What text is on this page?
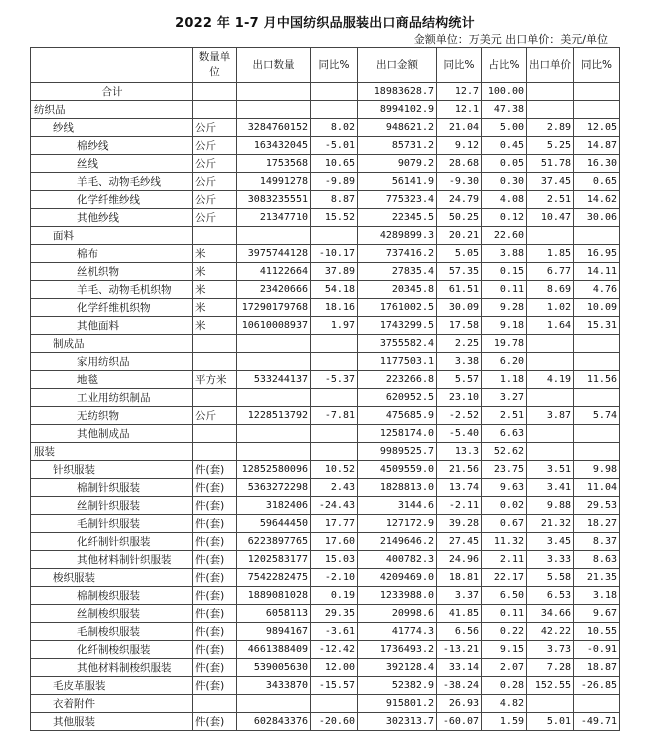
2022 年 1-7 月中国纺织品服装出口商品结构统计
金额单位：万美元 出口单价：美元/单位
	数量单位	出口数量	同比%	出口金额	同比%	占比%	出口单价	同比%
合计				18983628.7	12.7	100.00		
纺织品				8994102.9	12.1	47.38		
纱线	公斤	3284760152	8.02	948621.2	21.04	5.00	2.89	12.05
棉纱线	公斤	163432045	-5.01	85731.2	9.12	0.45	5.25	14.87
丝线	公斤	1753568	10.65	9079.2	28.68	0.05	51.78	16.30
羊毛、动物毛纱线	公斤	14991278	-9.89	56141.9	-9.30	0.30	37.45	0.65
化学纤维纱线	公斤	3083235551	8.87	775323.4	24.79	4.08	2.51	14.62
其他纱线	公斤	21347710	15.52	22345.5	50.25	0.12	10.47	30.06
面料				4289899.3	20.21	22.60		
棉布	米	3975744128	-10.17	737416.2	5.05	3.88	1.85	16.95
丝机织物	米	41122664	37.89	27835.4	57.35	0.15	6.77	14.11
羊毛、动物毛机织物	米	23420666	54.18	20345.8	61.51	0.11	8.69	4.76
化学纤维机织物	米	17290179768	18.16	1761002.5	30.09	9.28	1.02	10.09
其他面料	米	10610008937	1.97	1743299.5	17.58	9.18	1.64	15.31
制成品				3755582.4	2.25	19.78		
家用纺织品				1177503.1	3.38	6.20		
地毯	平方米	533244137	-5.37	223266.8	5.57	1.18	4.19	11.56
工业用纺织制品				620952.5	23.10	3.27		
无纺织物	公斤	1228513792	-7.81	475685.9	-2.52	2.51	3.87	5.74
其他制成品				1258174.0	-5.40	6.63		
服装				9989525.7	13.3	52.62		
针织服装	件(套)	12852580096	10.52	4509559.0	21.56	23.75	3.51	9.98
棉制针织服装	件(套)	5363272298	2.43	1828813.0	13.74	9.63	3.41	11.04
丝制针织服装	件(套)	3182406	-24.43	3144.6	-2.11	0.02	9.88	29.53
毛制针织服装	件(套)	59644450	17.77	127172.9	39.28	0.67	21.32	18.27
化纤制针织服装	件(套)	6223897765	17.60	2149646.2	27.45	11.32	3.45	8.37
其他材料制针织服装	件(套)	1202583177	15.03	400782.3	24.96	2.11	3.33	8.63
梭织服装	件(套)	7542282475	-2.10	4209469.0	18.81	22.17	5.58	21.35
棉制梭织服装	件(套)	1889081028	0.19	1233988.0	3.37	6.50	6.53	3.18
丝制梭织服装	件(套)	6058113	29.35	20998.6	41.85	0.11	34.66	9.67
毛制梭织服装	件(套)	9894167	-3.61	41774.3	6.56	0.22	42.22	10.55
化纤制梭织服装	件(套)	4661388409	-12.42	1736493.2	-13.21	9.15	3.73	-0.91
其他材料制梭织服装	件(套)	539005630	12.00	392128.4	33.14	2.07	7.28	18.87
毛皮革服装	件(套)	3433870	-15.57	52382.9	-38.24	0.28	152.55	-26.85
衣着附件				915801.2	26.93	4.82		
其他服装	件(套)	602843376	-20.60	302313.7	-60.07	1.59	5.01	-49.71
